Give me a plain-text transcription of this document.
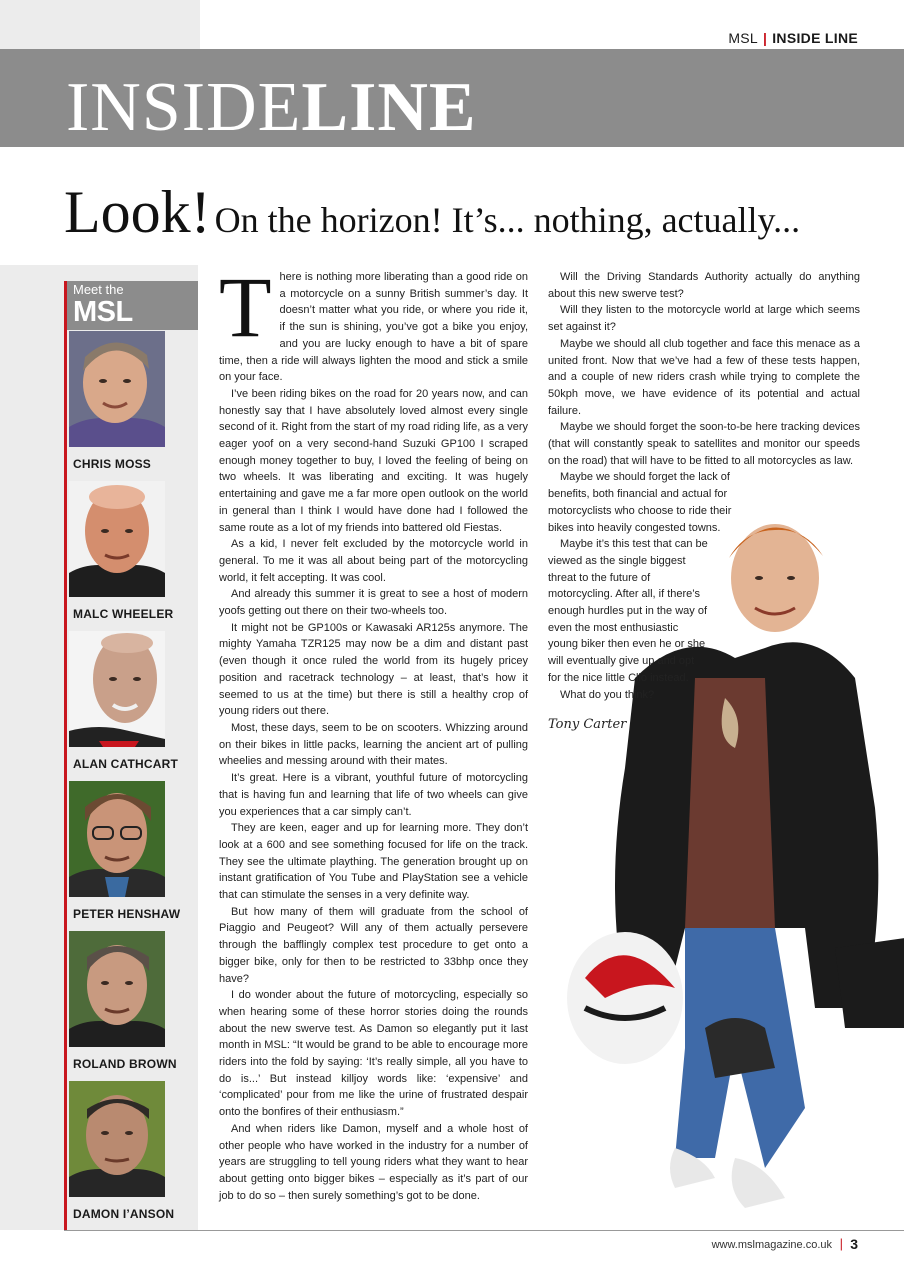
MSL | INSIDE LINE
INSIDELINE
Look! On the horizon! It’s... nothing, actually...
Meet the
MSL
CHRIS MOSS
MALC WHEELER
ALAN CATHCART
PETER HENSHAW
ROLAND BROWN
DAMON I’ANSON

There is nothing more liberating than a good ride on a motorcycle on a sunny British summer’s day. It doesn’t matter what you ride, or where you ride it, if the sun is shining, you’ve got a bike you enjoy, and you are lucky enough to have a bit of spare time, then a ride will always lighten the mood and stick a smile on your face.

I’ve been riding bikes on the road for 20 years now, and can honestly say that I have absolutely loved almost every single second of it. Right from the start of my road riding life, as a very eager yoof on a very second-hand Suzuki GP100 I scraped enough money together to buy, I loved the feeling of being on two wheels. It was liberating and exciting. It was hugely entertaining and gave me a far more open outlook on the world in general than I think I would have done had I followed the same route as a lot of my friends into battered old Fiestas.

As a kid, I never felt excluded by the motorcycle world in general. To me it was all about being part of the motorcycling world, it felt accepting. It was cool.

And already this summer it is great to see a host of modern yoofs getting out there on their two-wheels too.

It might not be GP100s or Kawasaki AR125s anymore. The mighty Yamaha TZR125 may now be a dim and distant past (even though it once ruled the world from its hugely pricey position and racetrack technology – at least, that’s how it seemed to us at the time) but there is still a healthy crop of young riders out there.

Most, these days, seem to be on scooters. Whizzing around on their bikes in little packs, learning the ancient art of pulling wheelies and messing around with their mates.

It’s great. Here is a vibrant, youthful future of motorcycling that is having fun and learning that life of two wheels can give you experiences that a car simply can’t.

They are keen, eager and up for learning more. They don’t look at a 600 and see something focused for life on the track. They see the ultimate plaything. The generation brought up on instant gratification of You Tube and PlayStation see a vehicle that can stimulate the senses in a very definite way.

But how many of them will graduate from the school of Piaggio and Peugeot? Will any of them actually persevere through the bafflingly complex test procedure to get onto a bigger bike, only for then to be restricted to 33bhp once they have?

I do wonder about the future of motorcycling, especially so when hearing some of these horror stories doing the rounds about the new swerve test. As Damon so elegantly put it last month in MSL: “It would be grand to be able to encourage more riders into the fold by saying: ‘It’s really simple, all you have to do is...’ But instead killjoy words like: ‘expensive’ and ‘complicated’ pour from me like the urine of frustrated despair onto the bonfires of their enthusiasm.”

And when riders like Damon, myself and a whole host of other people who have worked in the industry for a number of years are struggling to tell young riders what they want to hear about getting onto bigger bikes – especially as it’s part of our job to do so – then surely something’s got to be done.

Will the Driving Standards Authority actually do anything about this new swerve test?

Will they listen to the motorcycle world at large which seems set against it?

Maybe we should all club together and face this menace as a united front. Now that we’ve had a few of these tests happen, and a couple of new riders crash while trying to complete the 50kph move, we have evidence of its potential and actual failure.

Maybe we should forget the soon-to-be here tracking devices (that will constantly speak to satellites and monitor our speeds on the road) that will have to be fitted to all motorcycles as law.

Maybe we should forget the lack of benefits, both financial and actual for motorcyclists who choose to ride their bikes into heavily congested towns.

Maybe it’s this test that can be viewed as the single biggest threat to the future of motorcycling. After all, if there’s enough hurdles put in the way of even the most enthusiastic young biker then even he or she will eventually give up and opt for the nice little Clio instead.

What do you think?

Tony Carter
www.mslmagazine.co.uk | 3
